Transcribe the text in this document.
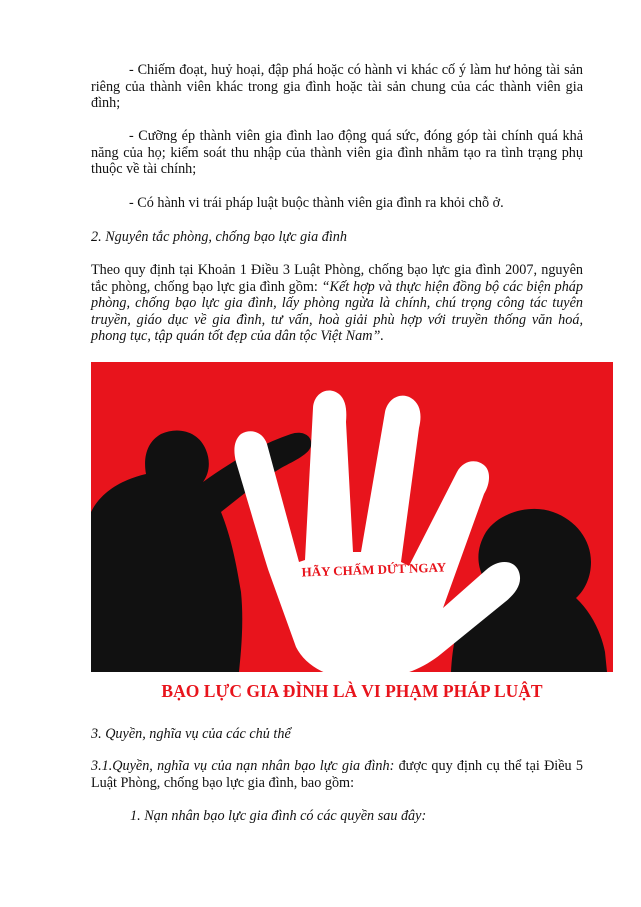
- Chiếm đoạt, huỷ hoại, đập phá hoặc có hành vi khác cố ý làm hư hỏng tài sản riêng của thành viên khác trong gia đình hoặc tài sản chung của các thành viên gia đình;

- Cưỡng ép thành viên gia đình lao động quá sức, đóng góp tài chính quá khả năng của họ; kiểm soát thu nhập của thành viên gia đình nhằm tạo ra tình trạng phụ thuộc về tài chính;

- Có hành vi trái pháp luật buộc thành viên gia đình ra khỏi chỗ ở.

2. Nguyên tắc phòng, chống bạo lực gia đình

Theo quy định tại Khoản 1 Điều 3 Luật Phòng, chống bạo lực gia đình 2007, nguyên tắc phòng, chống bạo lực gia đình gồm: “Kết hợp và thực hiện đồng bộ các biện pháp phòng, chống bạo lực gia đình, lấy phòng ngừa là chính, chú trọng công tác tuyên truyền, giáo dục về gia đình, tư vấn, hoà giải phù hợp với truyền thống văn hoá, phong tục, tập quán tốt đẹp của dân tộc Việt Nam”.

HÃY CHẤM DỨT NGAY
BẠO LỰC GIA ĐÌNH LÀ VI PHẠM PHÁP LUẬT

3. Quyền, nghĩa vụ của các chủ thể

3.1.Quyền, nghĩa vụ của nạn nhân bạo lực gia đình: được quy định cụ thể tại Điều 5 Luật Phòng, chống bạo lực gia đình, bao gồm:

1. Nạn nhân bạo lực gia đình có các quyền sau đây:
